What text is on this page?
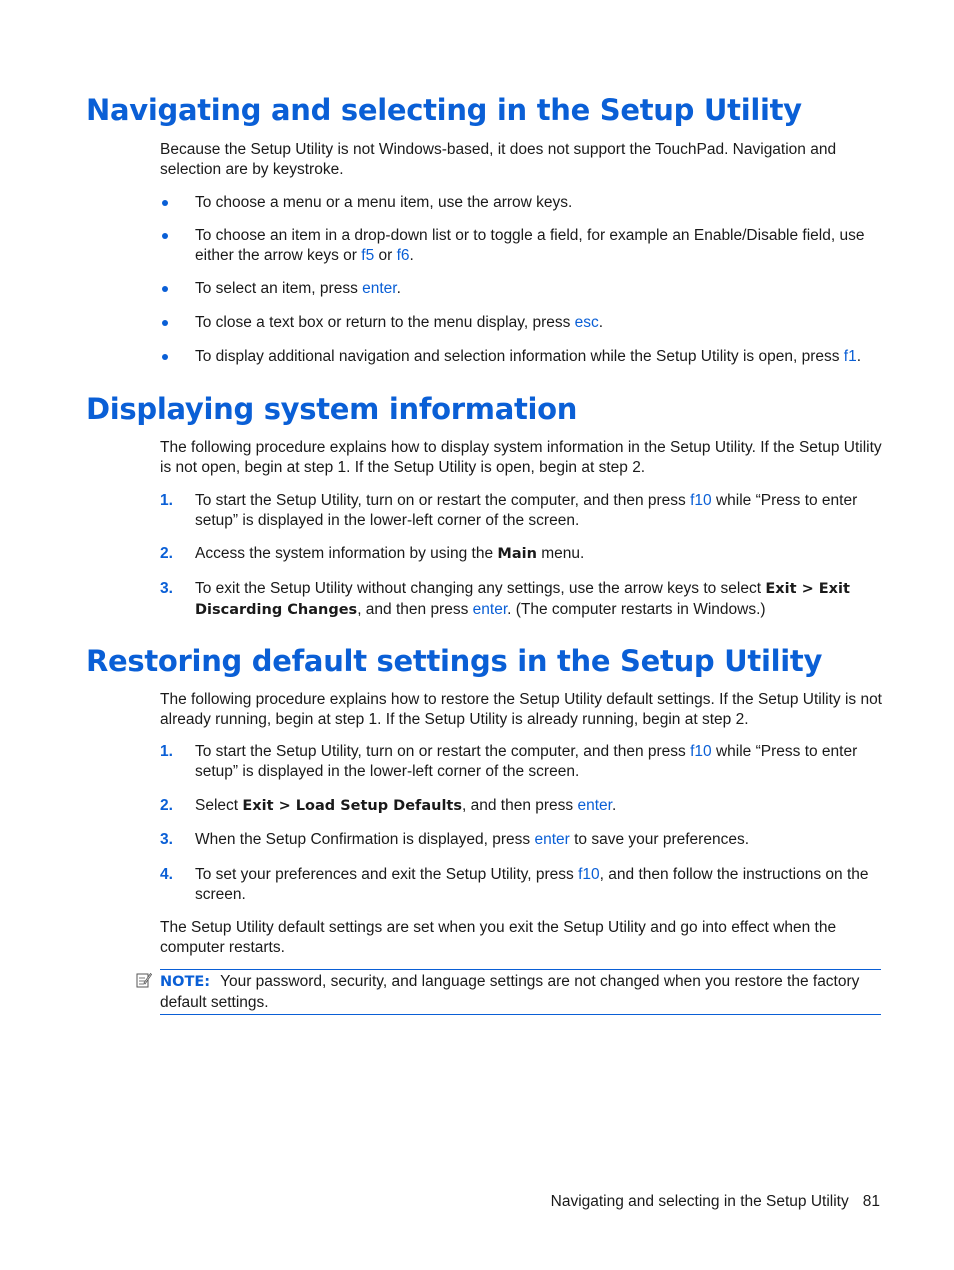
Navigating and selecting in the Setup Utility

Because the Setup Utility is not Windows-based, it does not support the TouchPad. Navigation and selection are by keystroke.

To choose a menu or a menu item, use the arrow keys.
To choose an item in a drop-down list or to toggle a field, for example an Enable/Disable field, use either the arrow keys or f5 or f6.
To select an item, press enter.
To close a text box or return to the menu display, press esc.
To display additional navigation and selection information while the Setup Utility is open, press f1.
Displaying system information

The following procedure explains how to display system information in the Setup Utility. If the Setup Utility is not open, begin at step 1. If the Setup Utility is open, begin at step 2.

1.	To start the Setup Utility, turn on or restart the computer, and then press f10 while “Press to enter setup” is displayed in the lower-left corner of the screen.
2.	Access the system information by using the Main menu.
3.	To exit the Setup Utility without changing any settings, use the arrow keys to select Exit > Exit Discarding Changes, and then press enter. (The computer restarts in Windows.)
Restoring default settings in the Setup Utility

The following procedure explains how to restore the Setup Utility default settings. If the Setup Utility is not already running, begin at step 1. If the Setup Utility is already running, begin at step 2.

1.	To start the Setup Utility, turn on or restart the computer, and then press f10 while “Press to enter setup” is displayed in the lower-left corner of the screen.
2.	Select Exit > Load Setup Defaults, and then press enter.
3.	When the Setup Confirmation is displayed, press enter to save your preferences.
4.	To set your preferences and exit the Setup Utility, press f10, and then follow the instructions on the screen.

The Setup Utility default settings are set when you exit the Setup Utility and go into effect when the computer restarts.

NOTE: Your password, security, and language settings are not changed when you restore the factory default settings.
Navigating and selecting in the Setup Utility 81
